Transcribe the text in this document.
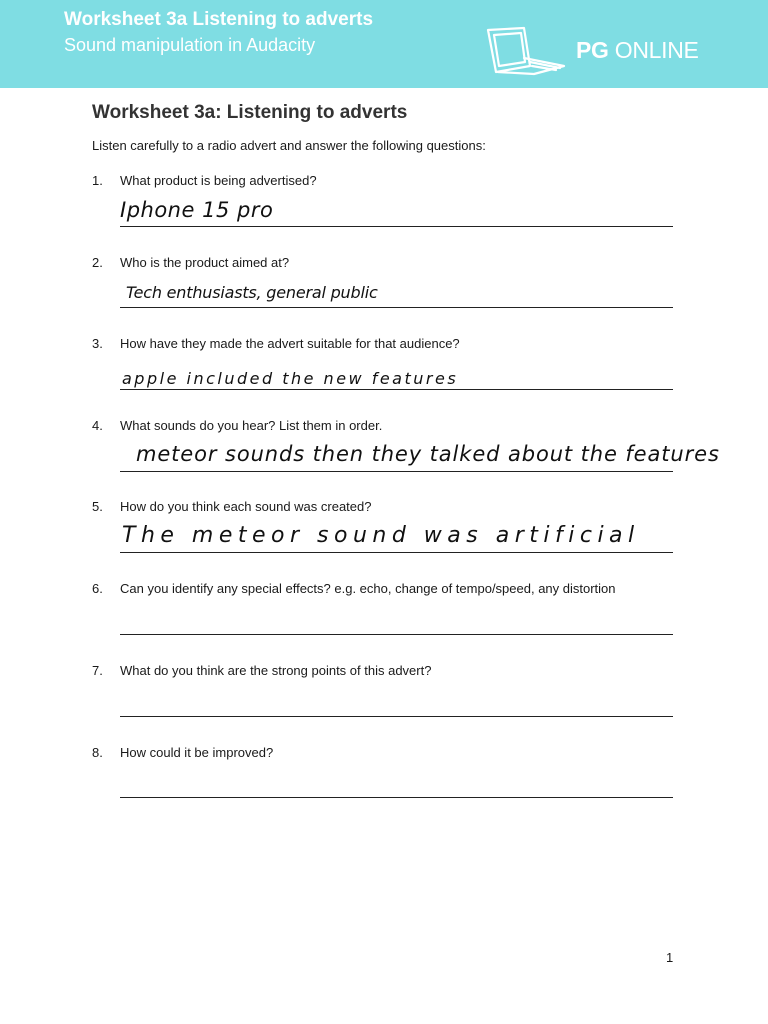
Worksheet 3a Listening to adverts
Sound manipulation in Audacity	PG ONLINE
Worksheet 3a: Listening to adverts
Listen carefully to a radio advert and answer the following questions:
1. What product is being advertised?
Iphone 15 pro
2. Who is the product aimed at?
Tech enthusiasts, general public
3. How have they made the advert suitable for that audience?
apple included the new features
4. What sounds do you hear? List them in order.
meteor sounds then they talked about the features
5. How do you think each sound was created?
The meteor sound was artificial
6. Can you identify any special effects? e.g. echo, change of tempo/speed, any distortion
7. What do you think are the strong points of this advert?
8. How could it be improved?
1
